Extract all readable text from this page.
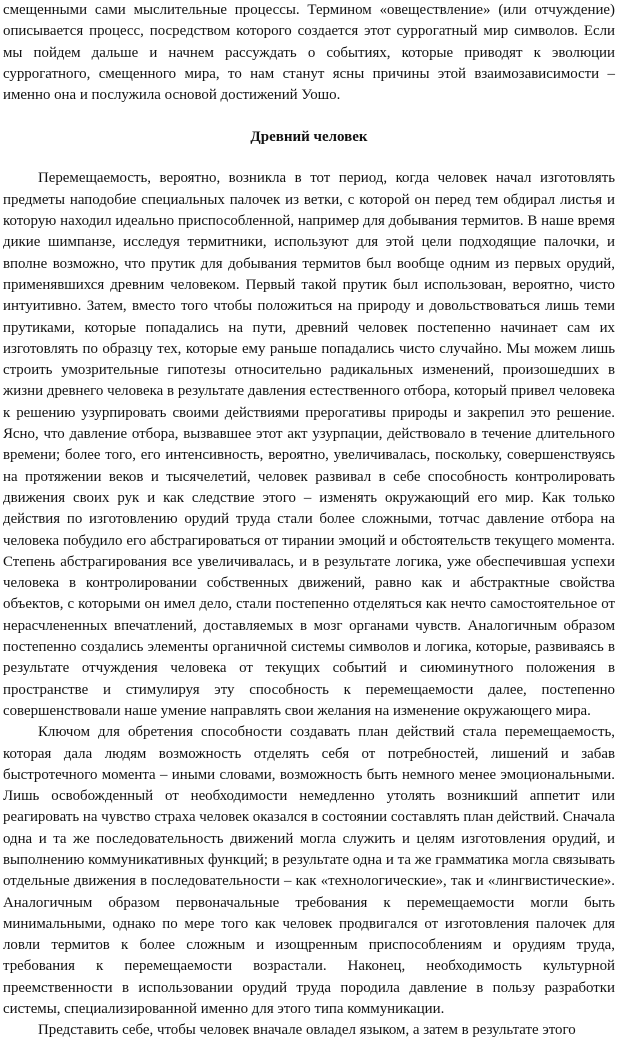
смещенными сами мыслительные процессы. Термином «овеществление» (или отчуждение) описывается процесс, посредством которого создается этот суррогатный мир символов. Если мы пойдем дальше и начнем рассуждать о событиях, которые приводят к эволюции суррогатного, смещенного мира, то нам станут ясны причины этой взаимозависимости – именно она и послужила основой достижений Уошо.

Древний человек

Перемещаемость, вероятно, возникла в тот период, когда человек начал изготовлять предметы наподобие специальных палочек из ветки, с которой он перед тем обдирал листья и которую находил идеально приспособленной, например для добывания термитов. В наше время дикие шимпанзе, исследуя термитники, используют для этой цели подходящие палочки, и вполне возможно, что прутик для добывания термитов был вообще одним из первых орудий, применявшихся древним человеком. Первый такой прутик был использован, вероятно, чисто интуитивно. Затем, вместо того чтобы положиться на природу и довольствоваться лишь теми прутиками, которые попадались на пути, древний человек постепенно начинает сам их изготовлять по образцу тех, которые ему раньше попадались чисто случайно. Мы можем лишь строить умозрительные гипотезы относительно радикальных изменений, произошедших в жизни древнего человека в результате давления естественного отбора, который привел человека к решению узурпировать своими действиями прерогативы природы и закрепил это решение. Ясно, что давление отбора, вызвавшее этот акт узурпации, действовало в течение длительного времени; более того, его интенсивность, вероятно, увеличивалась, поскольку, совершенствуясь на протяжении веков и тысячелетий, человек развивал в себе способность контролировать движения своих рук и как следствие этого – изменять окружающий его мир. Как только действия по изготовлению орудий труда стали более сложными, тотчас давление отбора на человека побудило его абстрагироваться от тирании эмоций и обстоятельств текущего момента. Степень абстрагирования все увеличивалась, и в результате логика, уже обеспечившая успехи человека в контролировании собственных движений, равно как и абстрактные свойства объектов, с которыми он имел дело, стали постепенно отделяться как нечто самостоятельное от нерасчлененных впечатлений, доставляемых в мозг органами чувств. Аналогичным образом постепенно создались элементы органичной системы символов и логика, которые, развиваясь в результате отчуждения человека от текущих событий и сиюминутного положения в пространстве и стимулируя эту способность к перемещаемости далее, постепенно совершенствовали наше умение направлять свои желания на изменение окружающего мира.

Ключом для обретения способности создавать план действий стала перемещаемость, которая дала людям возможность отделять себя от потребностей, лишений и забав быстротечного момента – иными словами, возможность быть немного менее эмоциональными. Лишь освобожденный от необходимости немедленно утолять возникший аппетит или реагировать на чувство страха человек оказался в состоянии составлять план действий. Сначала одна и та же последовательность движений могла служить и целям изготовления орудий, и выполнению коммуникативных функций; в результате одна и та же грамматика могла связывать отдельные движения в последовательности – как «технологические», так и «лингвистические». Аналогичным образом первоначальные требования к перемещаемости могли быть минимальными, однако по мере того как человек продвигался от изготовления палочек для ловли термитов к более сложным и изощренным приспособлениям и орудиям труда, требования к перемещаемости возрастали. Наконец, необходимость культурной преемственности в использовании орудий труда породила давление в пользу разработки системы, специализированной именно для этого типа коммуникации.

Представить себе, чтобы человек вначале овладел языком, а затем в результате этого
